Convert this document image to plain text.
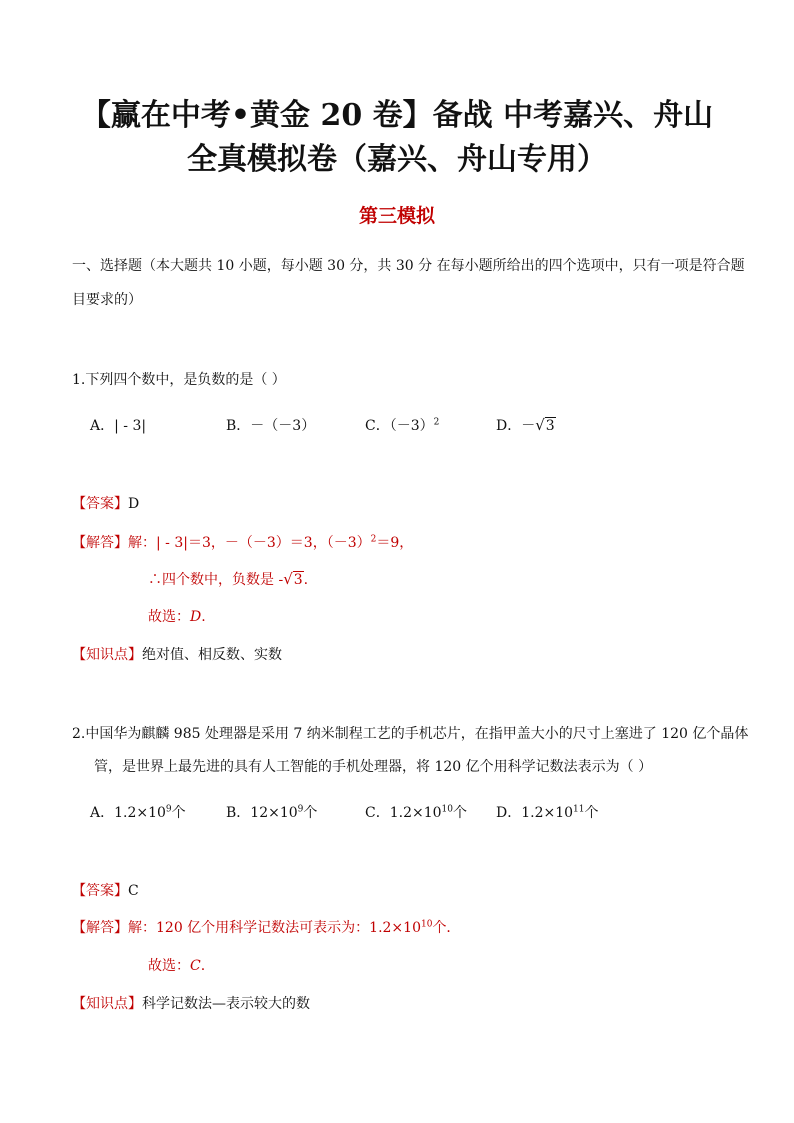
【赢在中考•黄金 20 卷】备战 中考嘉兴、舟山
全真模拟卷（嘉兴、舟山专用）
第三模拟
一、选择题（本大题共 10 小题，每小题 30 分，共 30 分 在每小题所给出的四个选项中，只有一项是符合题
目要求的）
1.下列四个数中，是负数的是（ ）
A．| - 3|	B．－（－3）	C．$(-3)^2$	D．－√3
【答案】D
【解答】解：| - 3|＝3，－（－3）＝3，$(-3)^2=9$，
∴四个数中，负数是 -√3.
故选：D.
【知识点】绝对值、相反数、实数
2.中国华为麒麟 985 处理器是采用 7 纳米制程工艺的手机芯片，在指甲盖大小的尺寸上塞进了 120 亿个晶体
管，是世界上最先进的具有人工智能的手机处理器，将 120 亿个用科学记数法表示为（ ）
A．$1.2\times 10^9$个	B．$12\times 10^9$个	C．$1.2\times 10^{10}$个 D．$1.2\times 10^{11}$个
【答案】C
【解答】解：120 亿个用科学记数法可表示为：$1.2\times 10^{10}$个．
故选：C.
【知识点】科学记数法—表示较大的数
